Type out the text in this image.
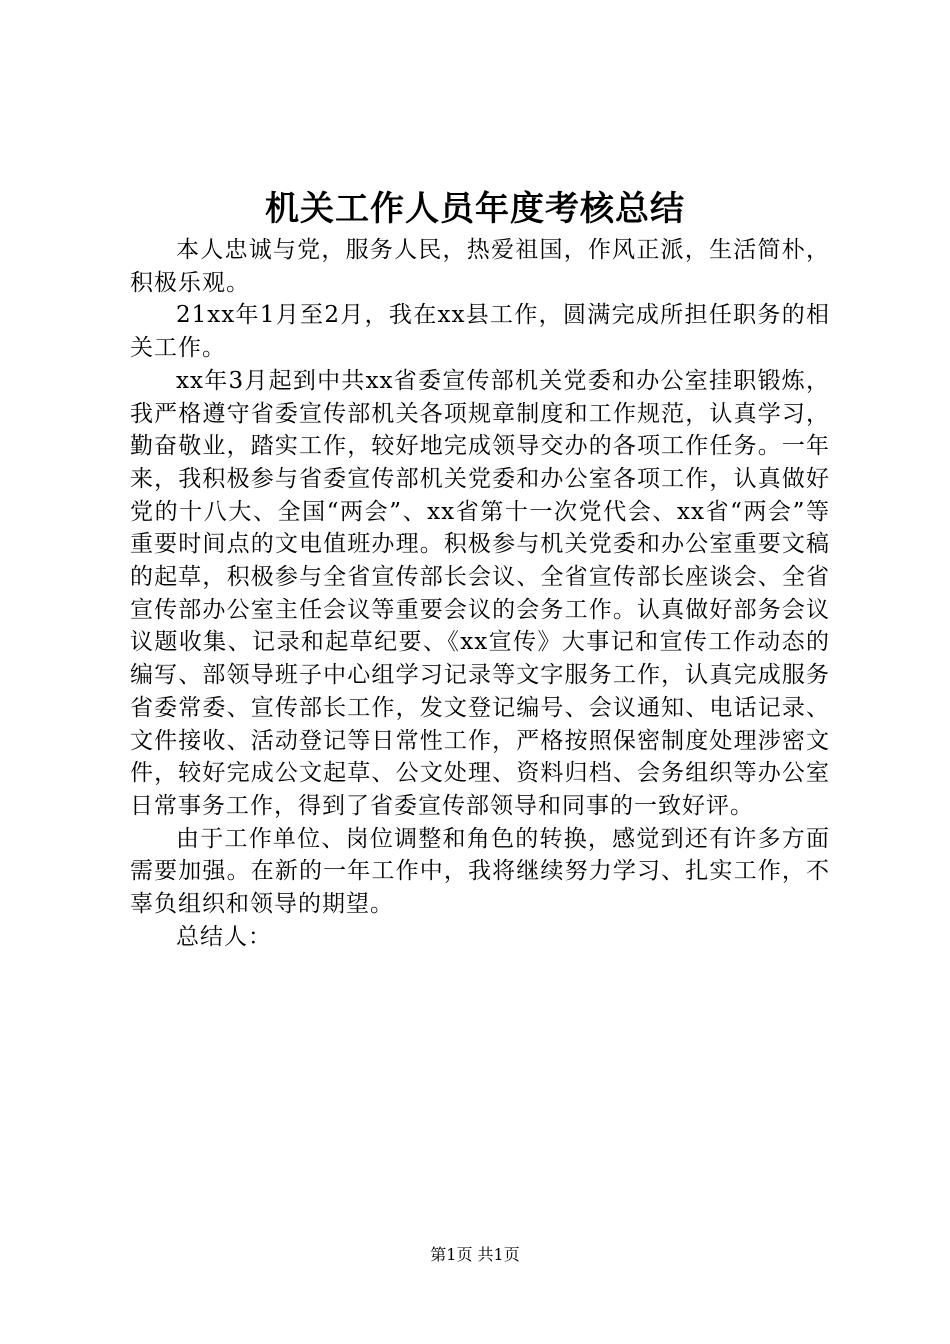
机关工作人员年度考核总结

本人忠诚与党，服务人民，热爱祖国，作风正派，生活简朴，积极乐观。

21xx年1月至2月，我在xx县工作，圆满完成所担任职务的相关工作。

xx年3月起到中共xx省委宣传部机关党委和办公室挂职锻炼，我严格遵守省委宣传部机关各项规章制度和工作规范，认真学习，勤奋敬业，踏实工作，较好地完成领导交办的各项工作任务。一年来，我积极参与省委宣传部机关党委和办公室各项工作，认真做好党的十八大、全国“两会”、xx省第十一次党代会、xx省“两会”等重要时间点的文电值班办理。积极参与机关党委和办公室重要文稿的起草，积极参与全省宣传部长会议、全省宣传部长座谈会、全省宣传部办公室主任会议等重要会议的会务工作。认真做好部务会议议题收集、记录和起草纪要、《xx宣传》大事记和宣传工作动态的编写、部领导班子中心组学习记录等文字服务工作，认真完成服务省委常委、宣传部长工作，发文登记编号、会议通知、电话记录、文件接收、活动登记等日常性工作，严格按照保密制度处理涉密文件，较好完成公文起草、公文处理、资料归档、会务组织等办公室日常事务工作，得到了省委宣传部领导和同事的一致好评。

由于工作单位、岗位调整和角色的转换，感觉到还有许多方面需要加强。在新的一年工作中，我将继续努力学习、扎实工作，不辜负组织和领导的期望。

总结人：

第1页 共1页
